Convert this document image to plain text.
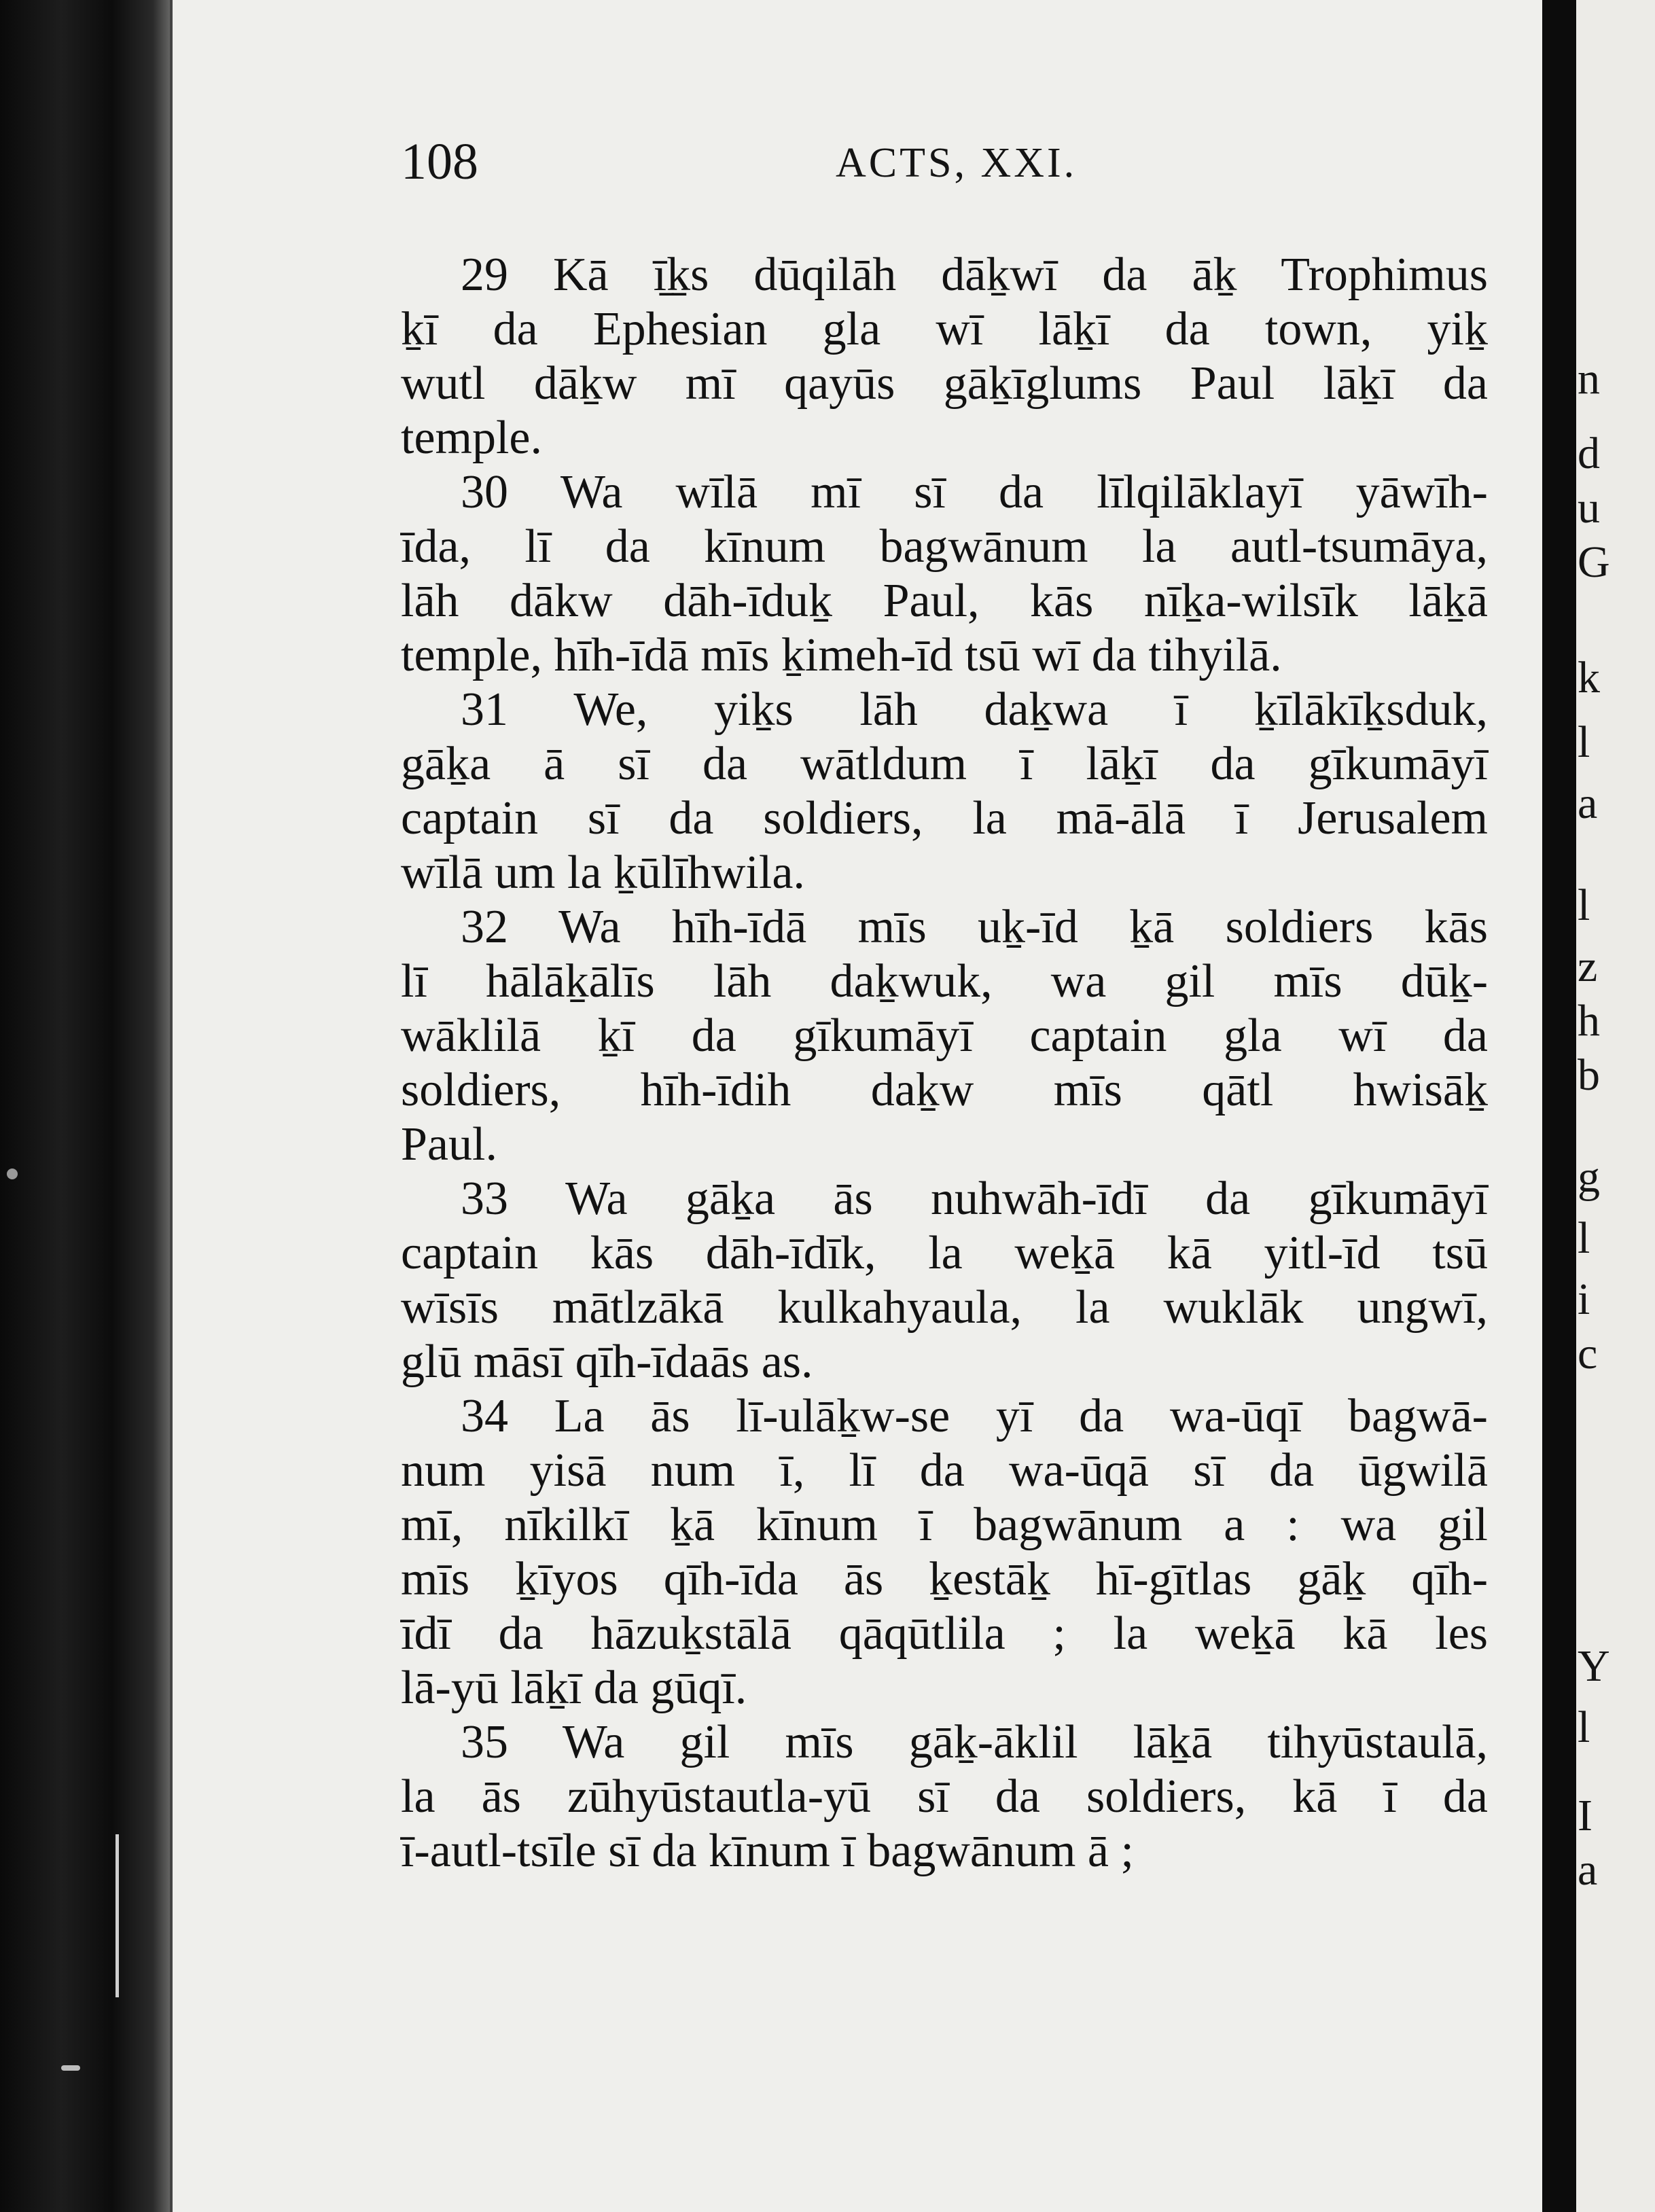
108	ACTS, XXI.
29 Kā ī̱ḵs dūqilāh dāḵwī da āḵ Trophimus
ḵī da Ephesian gla wī lāḵī da town, yiḵ
wutl dāḵw mī qayūs gāḵīglums Paul lāḵī da
temple.
30 Wa wīlā mī sī da līlqilāklayī yāwīh-
īda, lī da kīnum bagwānum la autl-tsumāya,
lāh dākw dāh-īduḵ Paul, kās nīḵa-wilsīk lāḵā
temple, hīh-īdā mīs ḵimeh-īd tsū wī da tihyilā.
31 We, yiḵs lāh daḵwa ī ḵīlākīḵsduk,
gāḵa ā sī da wātldum ī lāḵī da gīkumāyī
captain sī da soldiers, la mā-ālā ī Jerusalem
wīlā um la ḵūlīhwila.
32 Wa hīh-īdā mīs uḵ-īd ḵā soldiers kās
lī hālāḵālīs lāh daḵwuk, wa gil mīs dūḵ-
wāklilā ḵī da gīkumāyī captain gla wī da
soldiers, hīh-īdih daḵw mīs qātl hwisāḵ
Paul.
33 Wa gāḵa ās nuhwāh-īdī da gīkumāyī
captain kās dāh-īdīk, la weḵā kā yitl-īd tsū
wīsīs mātlzākā kulkahyaula, la wuklāk ungwī,
glū māsī qīh-īdaās as.
34 La ās lī-ulāḵw-se yī da wa-ūqī bagwā-
num yisā num ī, lī da wa-ūqā sī da ūgwilā
mī, nīkilkī ḵā kīnum ī bagwānum a : wa gil
mīs ḵīyos qīh-īda ās ḵestāḵ hī-gītlas gāḵ qīh-
īdī da hāzuḵstālā qāqūtlila ; la weḵā kā les
lā-yū lāḵī da gūqī.
35 Wa gil mīs gāḵ-āklil lāḵā tihyūstaulā,
la ās zūhyūstautla-yū sī da soldiers, kā ī da
ī-autl-tsīle sī da kīnum ī bagwānum ā ;
n
d
u
G
k
l
a
l
z
h
b
g
l
i
c
Y
l
I
a
